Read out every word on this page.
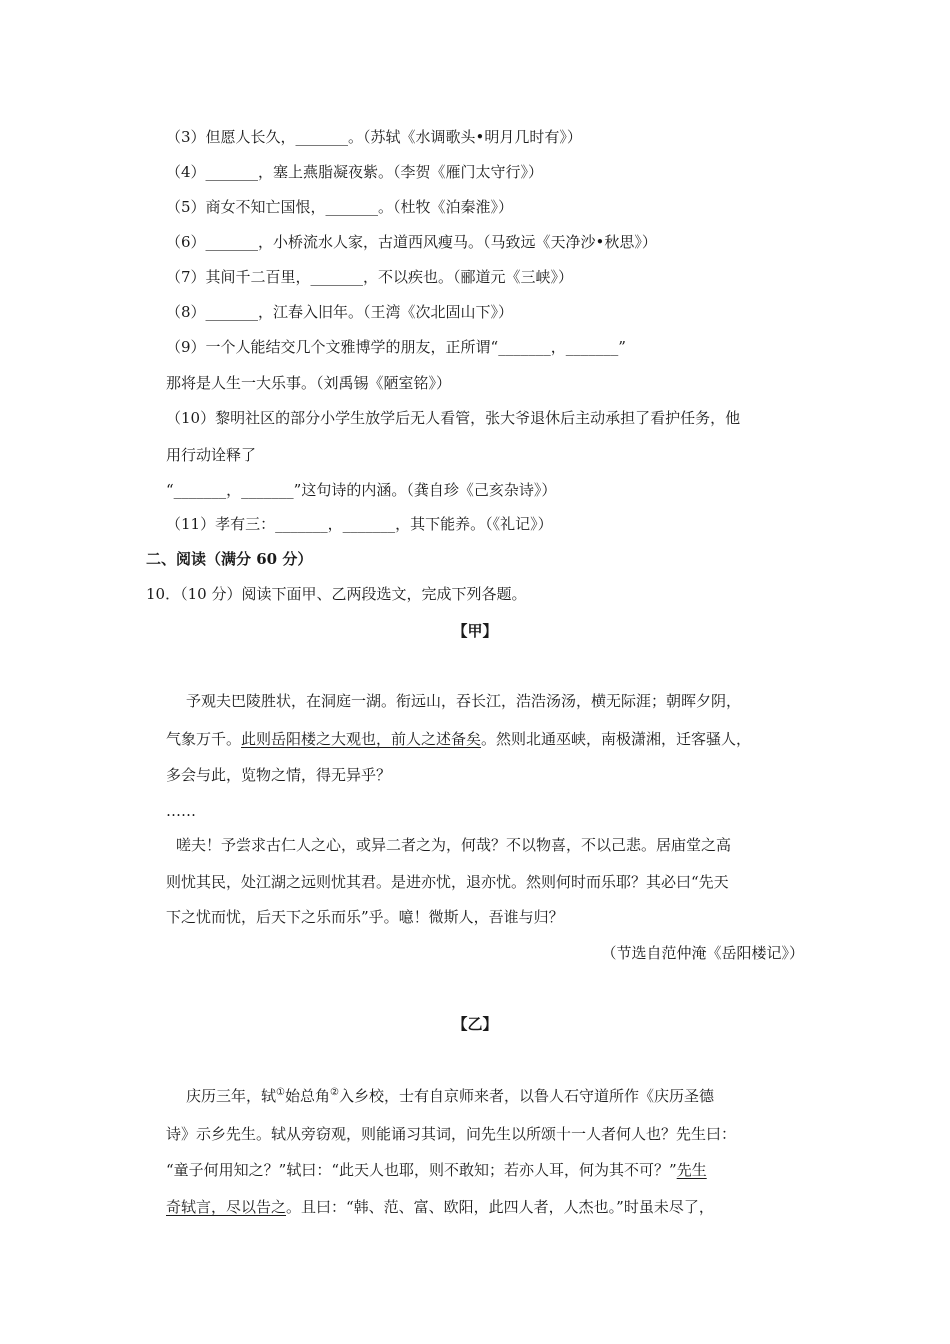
（3）但愿人长久，_______。（苏轼《水调歌头•明月几时有》）
（4）_______，塞上燕脂凝夜紫。（李贺《雁门太守行》）
（5）商女不知亡国恨，_______。（杜牧《泊秦淮》）
（6）_______，小桥流水人家，古道西风瘦马。（马致远《天净沙•秋思》）
（7）其间千二百里，_______，不以疾也。（郦道元《三峡》）
（8）_______，江春入旧年。（王湾《次北固山下》）
（9）一个人能结交几个文雅博学的朋友，正所谓“_______，_______”
那将是人生一大乐事。（刘禹锡《陋室铭》）
（10）黎明社区的部分小学生放学后无人看管，张大爷退休后主动承担了看护任务，他
用行动诠释了
“_______，_______”这句诗的内涵。（龚自珍《己亥杂诗》）
（11）孝有三：_______，_______，其下能养。（《礼记》）
二、阅读（满分 60 分）
10．（10 分）阅读下面甲、乙两段选文，完成下列各题。
【甲】
予观夫巴陵胜状，在洞庭一湖。衔远山，吞长江，浩浩汤汤，横无际涯；朝晖夕阴，
气象万千。此则岳阳楼之大观也，前人之述备矣。然则北通巫峡，南极潇湘，迁客骚人，
多会与此，览物之情，得无异乎？
……
嗟夫！予尝求古仁人之心，或异二者之为，何哉？不以物喜，不以己悲。居庙堂之高
则忧其民，处江湖之远则忧其君。是进亦忧，退亦忧。然则何时而乐耶？其必曰“先天
下之忧而忧，后天下之乐而乐”乎。噫！微斯人，吾谁与归？
（节选自范仲淹《岳阳楼记》）
【乙】
庆历三年，轼①始总角②入乡校，士有自京师来者，以鲁人石守道所作《庆历圣德
诗》示乡先生。轼从旁窃观，则能诵习其词，问先生以所颂十一人者何人也？先生曰：
“童子何用知之？”轼曰：“此天人也耶，则不敢知；若亦人耳，何为其不可？”先生
奇轼言，尽以告之。且曰：“韩、范、富、欧阳，此四人者，人杰也。”时虽未尽了，
